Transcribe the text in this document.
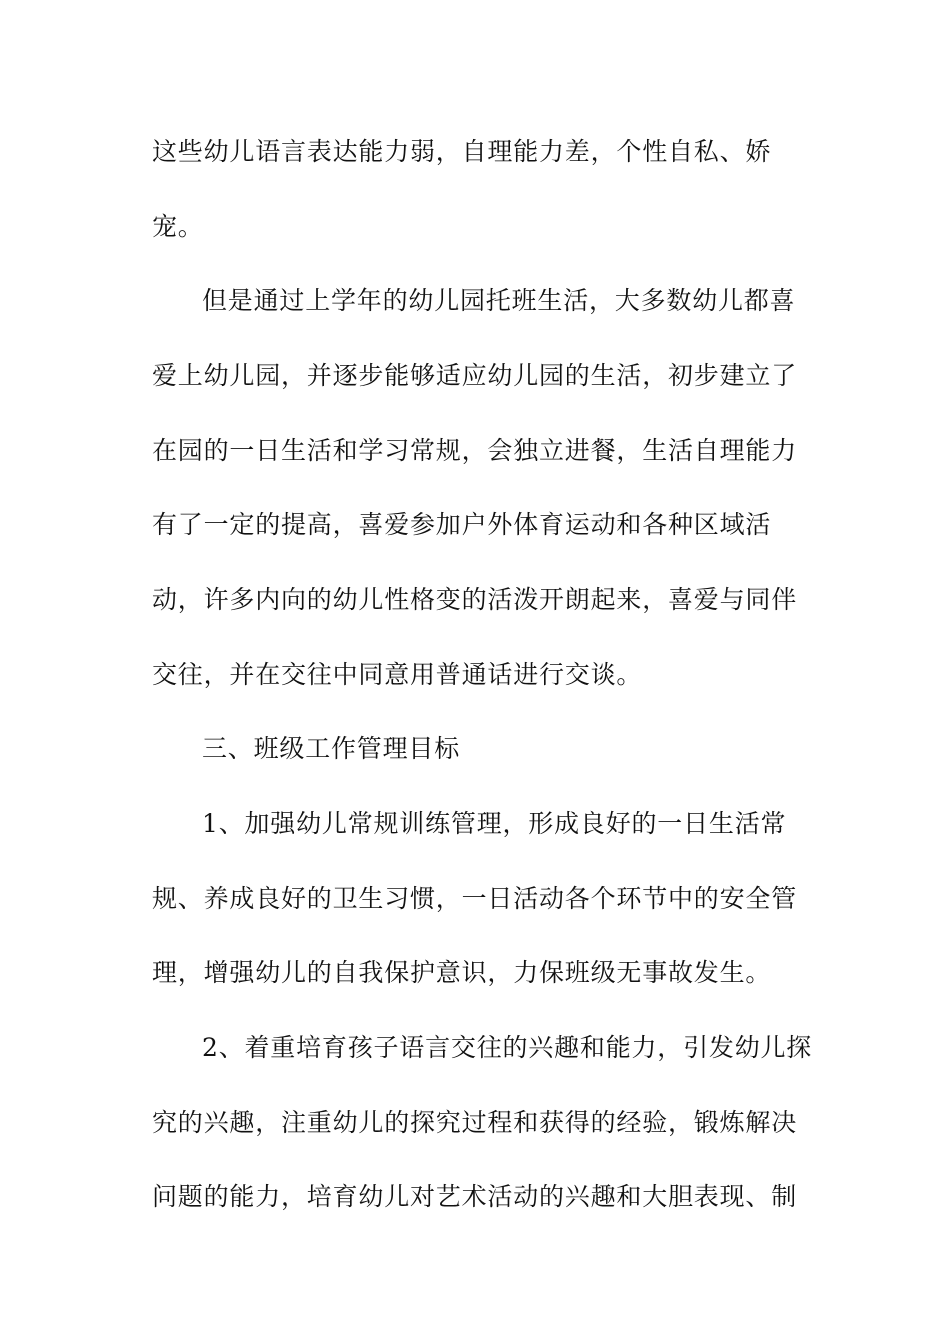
这些幼儿语言表达能力弱，自理能力差，个性自私、娇
宠。
但是通过上学年的幼儿园托班生活，大多数幼儿都喜
爱上幼儿园，并逐步能够适应幼儿园的生活，初步建立了
在园的一日生活和学习常规，会独立进餐，生活自理能力
有了一定的提高，喜爱参加户外体育运动和各种区域活
动，许多内向的幼儿性格变的活泼开朗起来，喜爱与同伴
交往，并在交往中同意用普通话进行交谈。
三、班级工作管理目标
1、加强幼儿常规训练管理，形成良好的一日生活常
规、养成良好的卫生习惯，一日活动各个环节中的安全管
理，增强幼儿的自我保护意识，力保班级无事故发生。
2、着重培育孩子语言交往的兴趣和能力，引发幼儿探
究的兴趣，注重幼儿的探究过程和获得的经验，锻炼解决
问题的能力，培育幼儿对艺术活动的兴趣和大胆表现、制
